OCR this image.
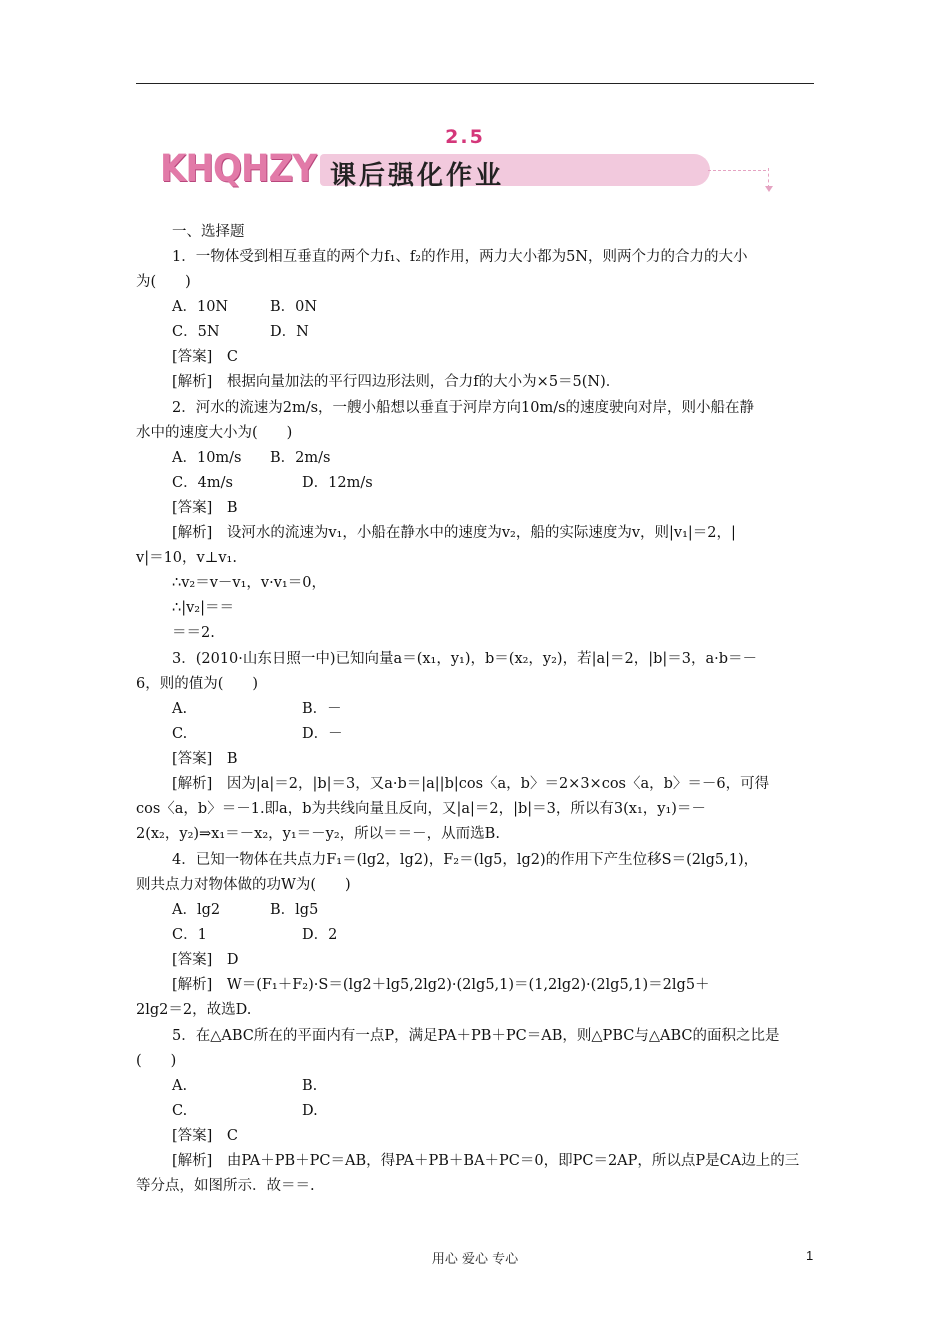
2.5
KHQHZY 课后强化作业
一、选择题
1．一物体受到相互垂直的两个力f₁、f₂的作用，两力大小都为5N，则两个力的合力的大小
为(　　)
A．10N	B．0N
C．5N	D．N
[答案]　C
[解析]　根据向量加法的平行四边形法则，合力f的大小为×5＝5(N)．
2．河水的流速为2m/s，一艘小船想以垂直于河岸方向10m/s的速度驶向对岸，则小船在静
水中的速度大小为(　　)
A．10m/s B．2m/s
C．4m/s	D．12m/s
[答案]　B
[解析]　设河水的流速为v₁，小船在静水中的速度为v₂，船的实际速度为v，则|v₁|＝2，|
v|＝10，v⊥v₁.
∴v₂＝v－v₁，v·v₁＝0，
∴|v₂|＝＝
＝＝2.
3．(2010·山东日照一中)已知向量a＝(x₁，y₁)，b＝(x₂，y₂)，若|a|＝2，|b|＝3，a·b＝－
6，则的值为(　　)
A.	B．－
C.	D．－
[答案]　B
[解析]　因为|a|＝2，|b|＝3，又a·b＝|a||b|cos〈a，b〉＝2×3×cos〈a，b〉＝－6，可得
cos〈a，b〉＝－1.即a，b为共线向量且反向，又|a|＝2，|b|＝3，所以有3(x₁，y₁)＝－
2(x₂，y₂)⇒x₁＝－x₂，y₁＝－y₂，所以＝＝－，从而选B.
4．已知一物体在共点力F₁＝(lg2，lg2)，F₂＝(lg5，lg2)的作用下产生位移S＝(2lg5,1)，
则共点力对物体做的功W为(　　)
A．lg2	B．lg5
C．1	D．2
[答案]　D
[解析]　W＝(F₁＋F₂)·S＝(lg2＋lg5,2lg2)·(2lg5,1)＝(1,2lg2)·(2lg5,1)＝2lg5＋
2lg2＝2，故选D.
5．在△ABC所在的平面内有一点P，满足PA＋PB＋PC＝AB，则△PBC与△ABC的面积之比是
(　　)
A.	B.
C.	D.
[答案]　C
[解析]　由PA＋PB＋PC＝AB，得PA＋PB＋BA＋PC＝0，即PC＝2AP，所以点P是CA边上的三
等分点，如图所示．故＝＝.
用心 爱心 专心	1
